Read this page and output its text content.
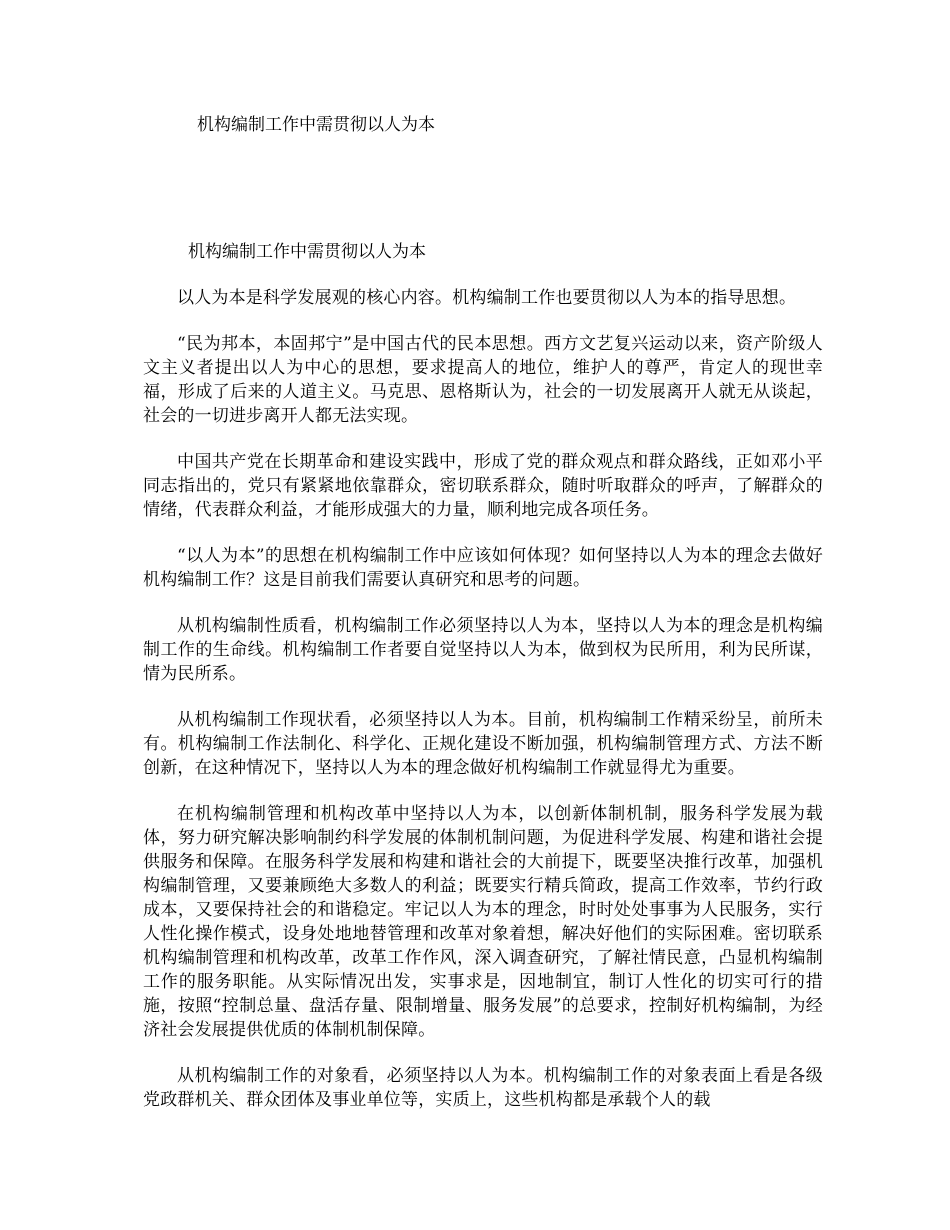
机构编制工作中需贯彻以人为本
机构编制工作中需贯彻以人为本

以人为本是科学发展观的核心内容。机构编制工作也要贯彻以人为本的指导思想。

“民为邦本，本固邦宁”是中国古代的民本思想。西方文艺复兴运动以来，资产阶级人文主义者提出以人为中心的思想，要求提高人的地位，维护人的尊严，肯定人的现世幸福，形成了后来的人道主义。马克思、恩格斯认为，社会的一切发展离开人就无从谈起，社会的一切进步离开人都无法实现。

中国共产党在长期革命和建设实践中，形成了党的群众观点和群众路线，正如邓小平同志指出的，党只有紧紧地依靠群众，密切联系群众，随时听取群众的呼声，了解群众的情绪，代表群众利益，才能形成强大的力量，顺利地完成各项任务。

“以人为本”的思想在机构编制工作中应该如何体现？如何坚持以人为本的理念去做好机构编制工作？这是目前我们需要认真研究和思考的问题。

从机构编制性质看，机构编制工作必须坚持以人为本，坚持以人为本的理念是机构编制工作的生命线。机构编制工作者要自觉坚持以人为本，做到权为民所用，利为民所谋，情为民所系。

从机构编制工作现状看，必须坚持以人为本。目前，机构编制工作精采纷呈，前所未有。机构编制工作法制化、科学化、正规化建设不断加强，机构编制管理方式、方法不断创新，在这种情况下，坚持以人为本的理念做好机构编制工作就显得尤为重要。

在机构编制管理和机构改革中坚持以人为本，以创新体制机制，服务科学发展为载体，努力研究解决影响制约科学发展的体制机制问题，为促进科学发展、构建和谐社会提供服务和保障。在服务科学发展和构建和谐社会的大前提下，既要坚决推行改革，加强机构编制管理，又要兼顾绝大多数人的利益；既要实行精兵简政，提高工作效率，节约行政成本，又要保持社会的和谐稳定。牢记以人为本的理念，时时处处事事为人民服务，实行人性化操作模式，设身处地地替管理和改革对象着想，解决好他们的实际困难。密切联系机构编制管理和机构改革，改革工作作风，深入调查研究，了解社情民意，凸显机构编制工作的服务职能。从实际情况出发，实事求是，因地制宜，制订人性化的切实可行的措施，按照“控制总量、盘活存量、限制增量、服务发展”的总要求，控制好机构编制，为经济社会发展提供优质的体制机制保障。

从机构编制工作的对象看，必须坚持以人为本。机构编制工作的对象表面上看是各级党政群机关、群众团体及事业单位等，实质上，这些机构都是承载个人的载
